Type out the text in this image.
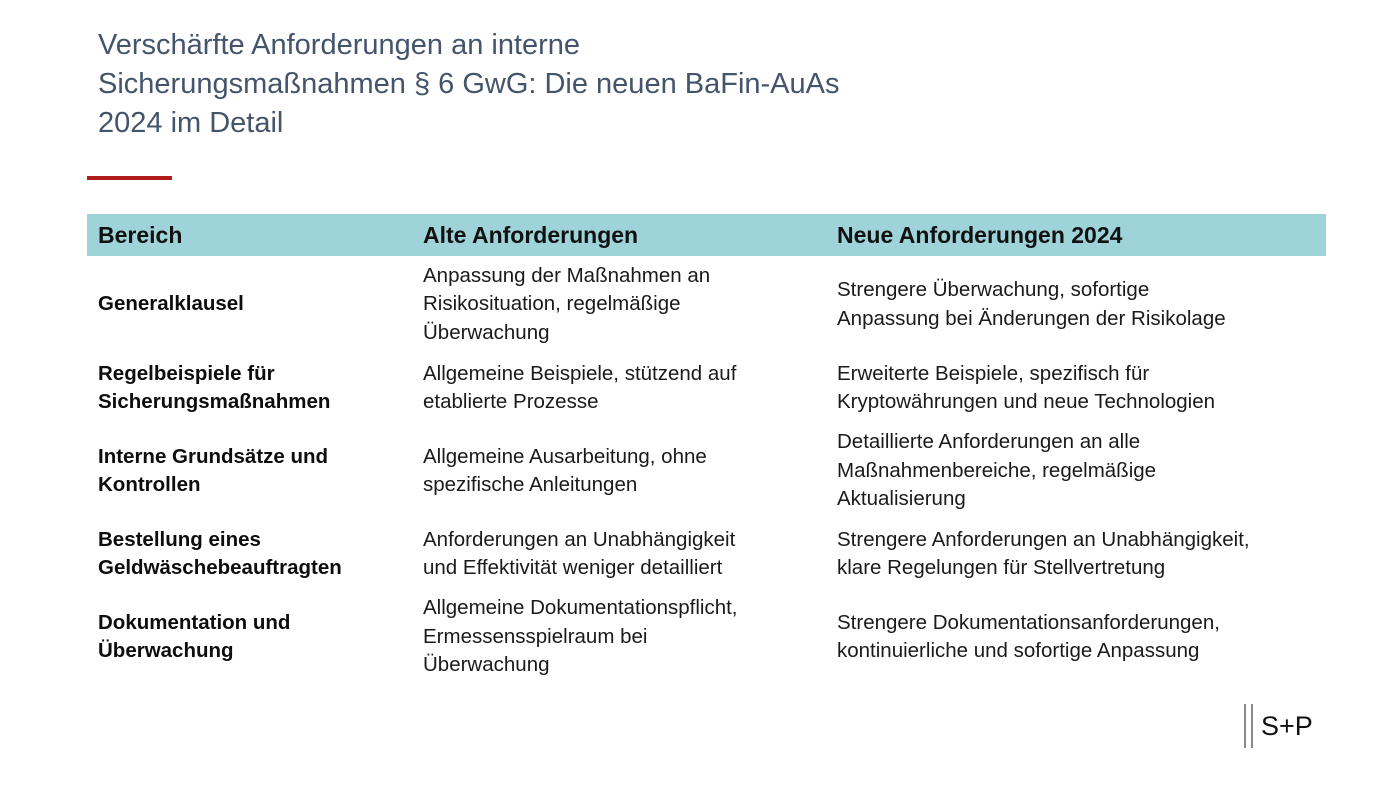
Verschärfte Anforderungen an interne
Sicherungsmaßnahmen § 6 GwG: Die neuen BaFin-AuAs
2024 im Detail
Bereich	Alte Anforderungen	Neue Anforderungen 2024
Generalklausel
Anpassung der Maßnahmen an
Risikosituation, regelmäßige
Überwachung
Strengere Überwachung, sofortige
Anpassung bei Änderungen der Risikolage
Regelbeispiele für
Sicherungsmaßnahmen
Allgemeine Beispiele, stützend auf
etablierte Prozesse
Erweiterte Beispiele, spezifisch für
Kryptowährungen und neue Technologien
Interne Grundsätze und
Kontrollen
Allgemeine Ausarbeitung, ohne
spezifische Anleitungen
Detaillierte Anforderungen an alle
Maßnahmenbereiche, regelmäßige
Aktualisierung
Bestellung eines
Geldwäschebeauftragten
Anforderungen an Unabhängigkeit
und Effektivität weniger detailliert
Strengere Anforderungen an Unabhängigkeit,
klare Regelungen für Stellvertretung
Dokumentation und
Überwachung
Allgemeine Dokumentationspflicht,
Ermessensspielraum bei
Überwachung
Strengere Dokumentationsanforderungen,
kontinuierliche und sofortige Anpassung
S+P
